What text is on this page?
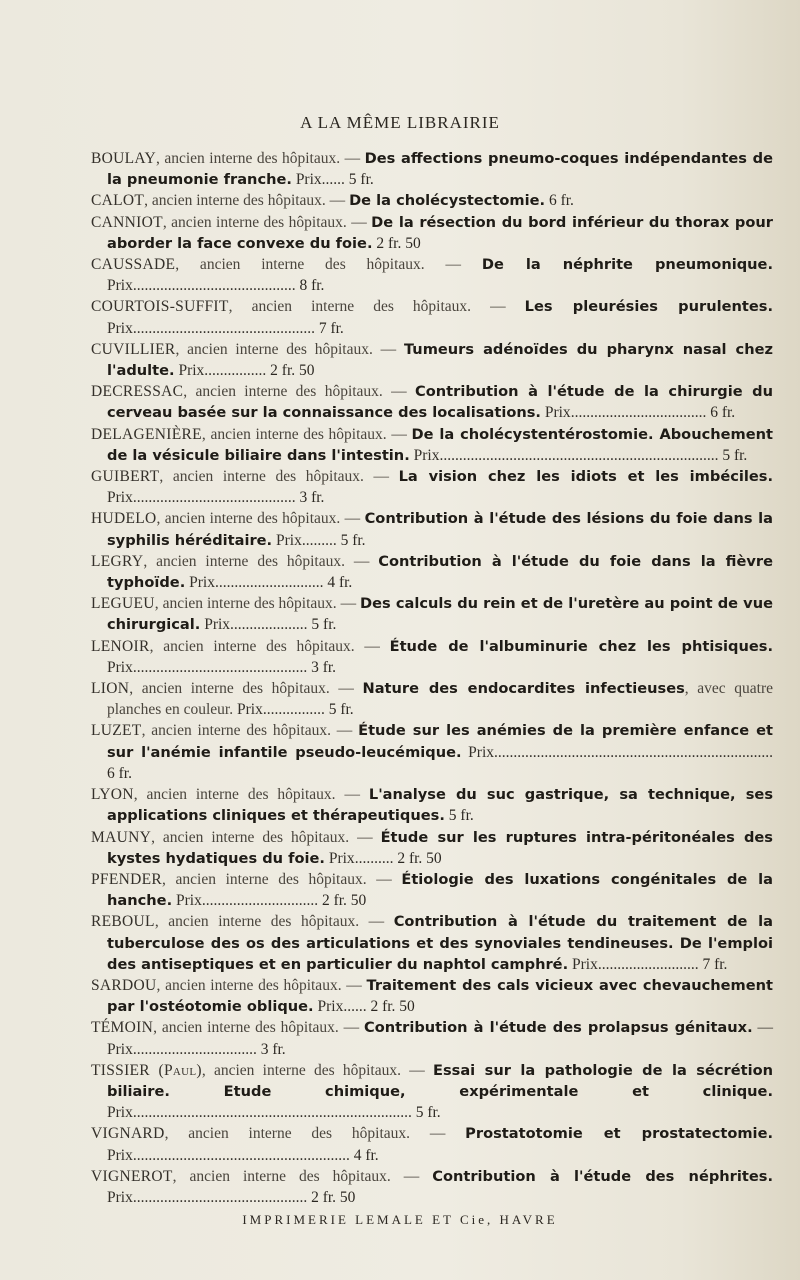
A LA MÊME LIBRAIRIE

BOULAY, ancien interne des hôpitaux. — Des affections pneumo-coques indépendantes de la pneumonie franche. Prix...... 5 fr.

CALOT, ancien interne des hôpitaux. — De la cholécystectomie. 6 fr.

CANNIOT, ancien interne des hôpitaux. — De la résection du bord inférieur du thorax pour aborder la face convexe du foie. 2 fr. 50

CAUSSADE, ancien interne des hôpitaux. — De la néphrite pneumonique. Prix.......................................... 8 fr.

COURTOIS-SUFFIT, ancien interne des hôpitaux. — Les pleurésies purulentes. Prix............................................... 7 fr.

CUVILLIER, ancien interne des hôpitaux. — Tumeurs adénoïdes du pharynx nasal chez l'adulte. Prix................ 2 fr. 50

DECRESSAC, ancien interne des hôpitaux. — Contribution à l'étude de la chirurgie du cerveau basée sur la connaissance des localisations. Prix................................... 6 fr.

DELAGENIÈRE, ancien interne des hôpitaux. — De la cholécystentérostomie. Abouchement de la vésicule biliaire dans l'intestin. Prix........................................................................ 5 fr.

GUIBERT, ancien interne des hôpitaux. — La vision chez les idiots et les imbéciles. Prix.......................................... 3 fr.

HUDELO, ancien interne des hôpitaux. — Contribution à l'étude des lésions du foie dans la syphilis héréditaire. Prix......... 5 fr.

LEGRY, ancien interne des hôpitaux. — Contribution à l'étude du foie dans la fièvre typhoïde. Prix............................ 4 fr.

LEGUEU, ancien interne des hôpitaux. — Des calculs du rein et de l'uretère au point de vue chirurgical. Prix.................... 5 fr.

LENOIR, ancien interne des hôpitaux. — Étude de l'albuminurie chez les phtisiques. Prix............................................. 3 fr.

LION, ancien interne des hôpitaux. — Nature des endocardites infectieuses, avec quatre planches en couleur. Prix................ 5 fr.

LUZET, ancien interne des hôpitaux. — Étude sur les anémies de la première enfance et sur l'anémie infantile pseudo-leucémique. Prix........................................................................ 6 fr.

LYON, ancien interne des hôpitaux. — L'analyse du suc gastrique, sa technique, ses applications cliniques et thérapeutiques. 5 fr.

MAUNY, ancien interne des hôpitaux. — Étude sur les ruptures intra-péritonéales des kystes hydatiques du foie. Prix.......... 2 fr. 50

PFENDER, ancien interne des hôpitaux. — Étiologie des luxations congénitales de la hanche. Prix.............................. 2 fr. 50

REBOUL, ancien interne des hôpitaux. — Contribution à l'étude du traitement de la tuberculose des os des articulations et des synoviales tendineuses. De l'emploi des antiseptiques et en particulier du naphtol camphré. Prix.......................... 7 fr.

SARDOU, ancien interne des hôpitaux. — Traitement des cals vicieux avec chevauchement par l'ostéotomie oblique. Prix...... 2 fr. 50

TÉMOIN, ancien interne des hôpitaux. — Contribution à l'étude des prolapsus génitaux. — Prix................................ 3 fr.

TISSIER (Paul), ancien interne des hôpitaux. — Essai sur la pathologie de la sécrétion biliaire. Etude chimique, expérimentale et clinique. Prix........................................................................ 5 fr.

VIGNARD, ancien interne des hôpitaux. — Prostatotomie et prostatectomie. Prix........................................................ 4 fr.

VIGNEROT, ancien interne des hôpitaux. — Contribution à l'étude des néphrites. Prix............................................. 2 fr. 50

IMPRIMERIE LEMALE ET Cie, HAVRE
